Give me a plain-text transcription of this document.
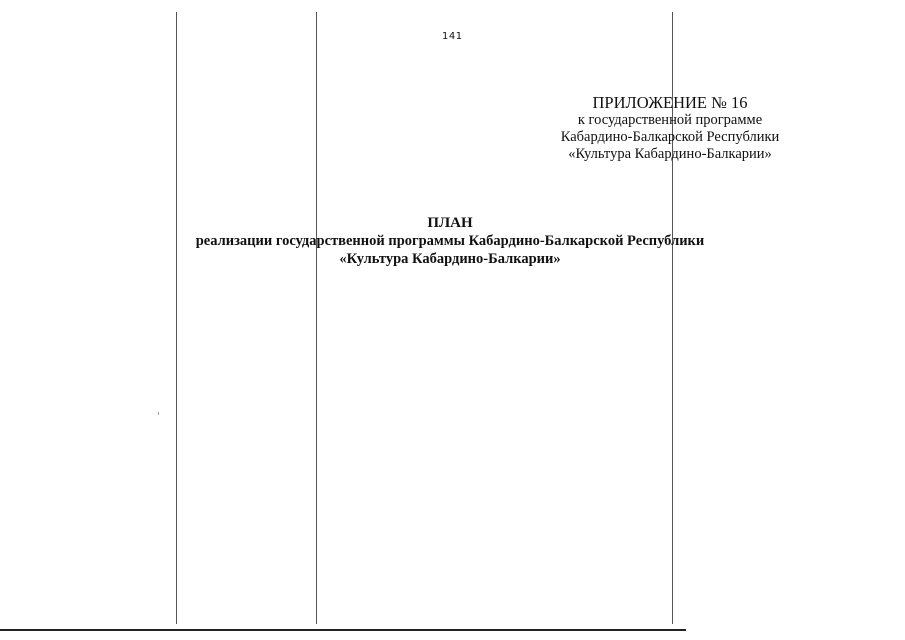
141
ПРИЛОЖЕНИЕ № 16
к государственной программе
Кабардино-Балкарской Республики
«Культура Кабардино-Балкарии»
ПЛАН
реализации государственной программы Кабардино-Балкарской Республики
«Культура Кабардино-Балкарии»
